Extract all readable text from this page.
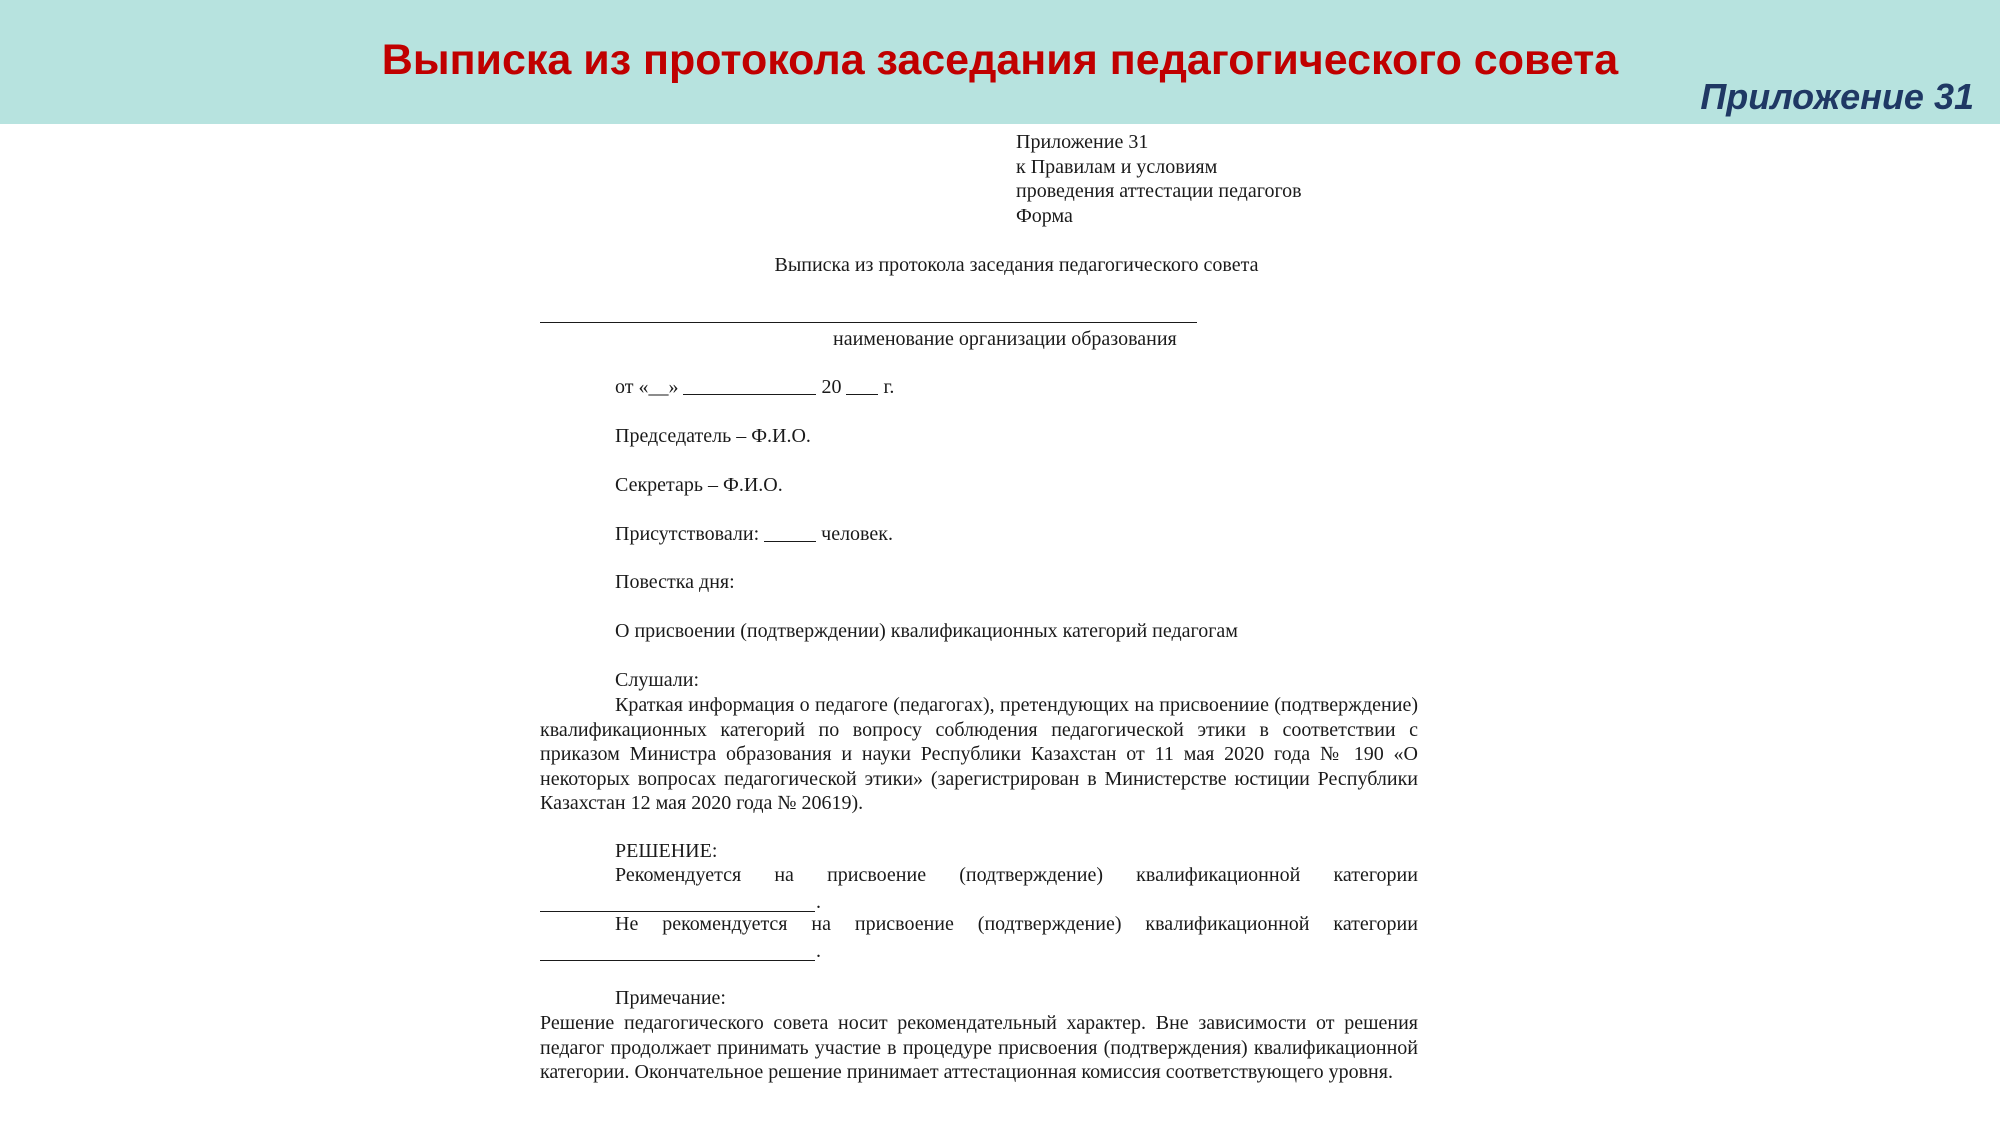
Выписка из протокола заседания педагогического совета
Приложение 31
Приложение 31
к Правилам и условиям
проведения аттестации педагогов
Форма
Выписка из протокола заседания педагогического совета
наименование организации образования
от «__»	20 г.
Председатель – Ф.И.О.
Секретарь – Ф.И.О.
Присутствовали:	человек.
Повестка дня:
О присвоении (подтверждении) квалификационных категорий педагогам
Слушали:
Краткая информация о педагоге (педагогах), претендующих на присвоениие (подтверждение) квалификационных категорий по вопросу соблюдения педагогической этики в соответствии с приказом Министра образования и науки Республики Казахстан от 11 мая 2020 года № 190 «О некоторых вопросах педагогической этики» (зарегистрирован в Министерстве юстиции Республики Казахстан 12 мая 2020 года № 20619).
РЕШЕНИЕ:
Рекомендуется на присвоение (подтверждение) квалификационной категории
.
Не рекомендуется на присвоение (подтверждение) квалификационной категории
.
Примечание:
Решение педагогического совета носит рекомендательный характер. Вне зависимости от решения педагог продолжает принимать участие в процедуре присвоения (подтверждения) квалификационной категории. Окончательное решение принимает аттестационная комиссия соответствующего уровня.
